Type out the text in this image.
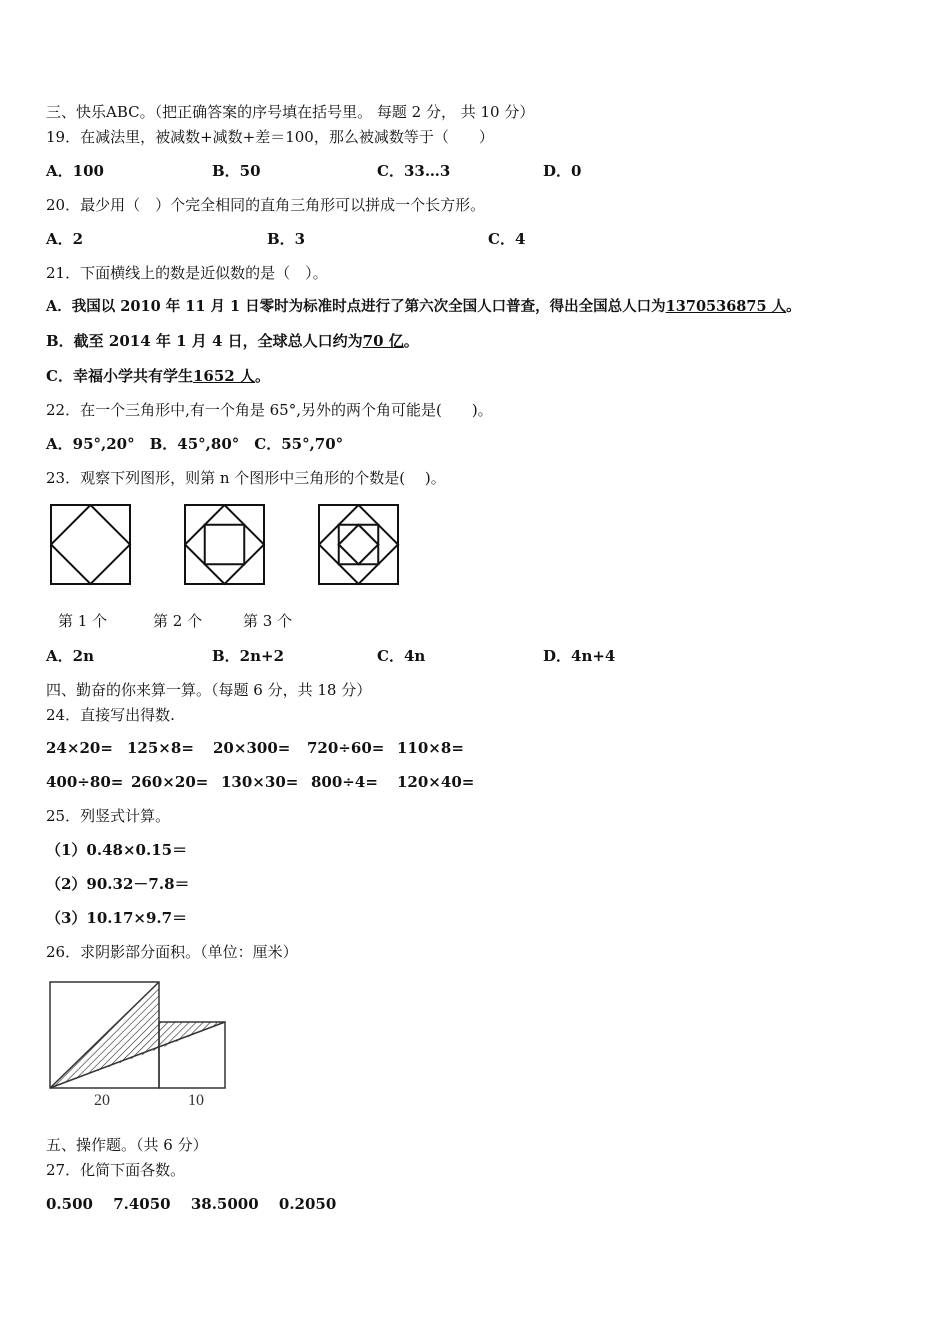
三、快乐ABC。（把正确答案的序号填在括号里。 每题 2 分， 共 10 分）
19．在减法里，被减数+减数+差＝100，那么被减数等于（　　）
A．100	B．50	C．33…3	D．0
20．最少用（　）个完全相同的直角三角形可以拼成一个长方形。
A．2	B．3	C．4
21．下面横线上的数是近似数的是（　）。
A．我国以 2010 年 11 月 1 日零时为标准时点进行了第六次全国人口普查，得出全国总人口为1370536875 人。
B．截至 2014 年 1 月 4 日，全球总人口约为70 亿。
C．幸福小学共有学生1652 人。
22．在一个三角形中,有一个角是 65°,另外的两个角可能是(　　)。
A．95°,20°　B．45°,80°　C．55°,70°
23．观察下列图形，则第 n 个图形中三角形的个数是(　 )。
第 1 个	第 2 个	第 3 个
A．2n	B．2n+2	C．4n	D．4n+4
四、勤奋的你来算一算。（每题 6 分，共 18 分）
24．直接写出得数.
24×20= 125×8= 20×300= 720÷60= 110×8=
400÷80= 260×20= 130×30= 800÷4= 120×40=
25．列竖式计算。
（1）0.48×0.15＝
（2）90.32－7.8＝
（3）10.17×9.7＝
26．求阴影部分面积。（单位：厘米）
20	10
五、操作题。（共 6 分）
27．化简下面各数。
0.500　 7.4050　 38.5000　 0.2050
